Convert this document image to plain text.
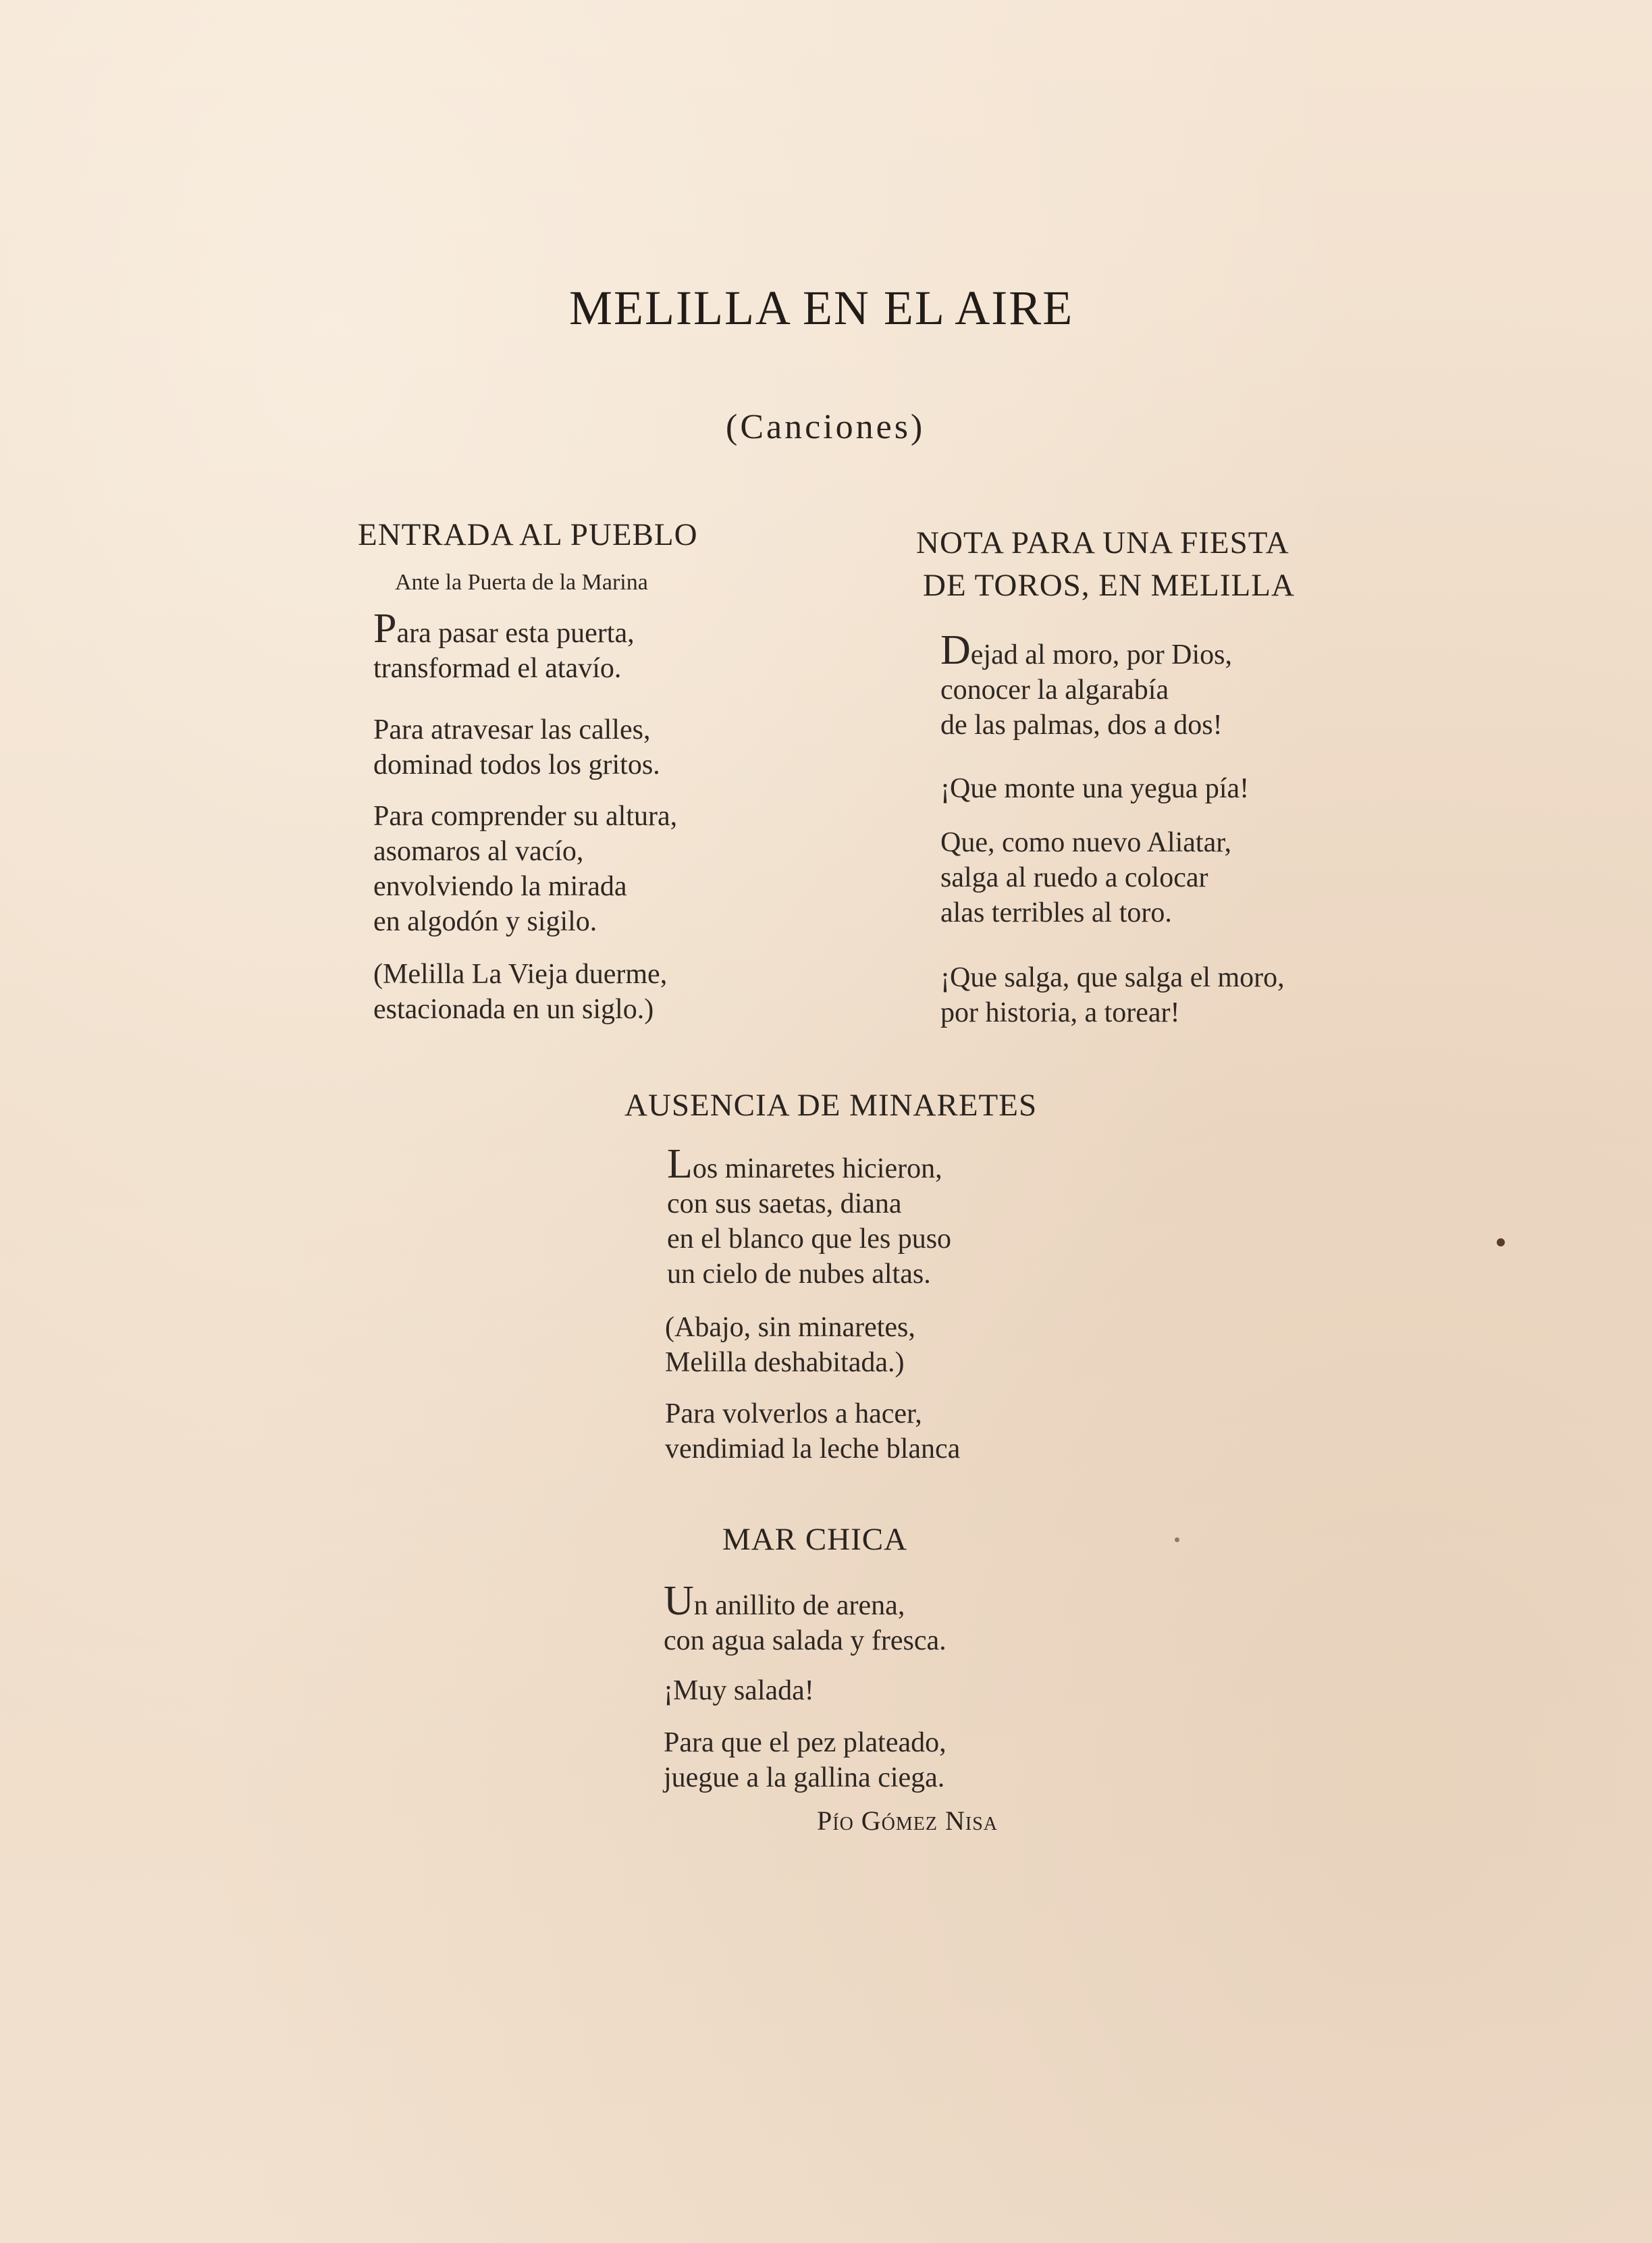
MELILLA EN EL AIRE
(Canciones)
ENTRADA AL PUEBLO
Ante la Puerta de la Marina
Para pasar esta puerta,
transformad el atavío.
Para atravesar las calles,
dominad todos los gritos.
Para comprender su altura,
asomaros al vacío,
envolviendo la mirada
en algodón y sigilo.
(Melilla La Vieja duerme,
estacionada en un siglo.)
NOTA PARA UNA FIESTA
DE TOROS, EN MELILLA
Dejad al moro, por Dios,
conocer la algarabía
de las palmas, dos a dos!
¡Que monte una yegua pía!
Que, como nuevo Aliatar,
salga al ruedo a colocar
alas terribles al toro.
¡Que salga, que salga el moro,
por historia, a torear!
AUSENCIA DE MINARETES
Los minaretes hicieron,
con sus saetas, diana
en el blanco que les puso
un cielo de nubes altas.
(Abajo, sin minaretes,
Melilla deshabitada.)
Para volverlos a hacer,
vendimiad la leche blanca
MAR CHICA
Un anillito de arena,
con agua salada y fresca.
¡Muy salada!
Para que el pez plateado,
juegue a la gallina ciega.
Pío Gómez Nisa
